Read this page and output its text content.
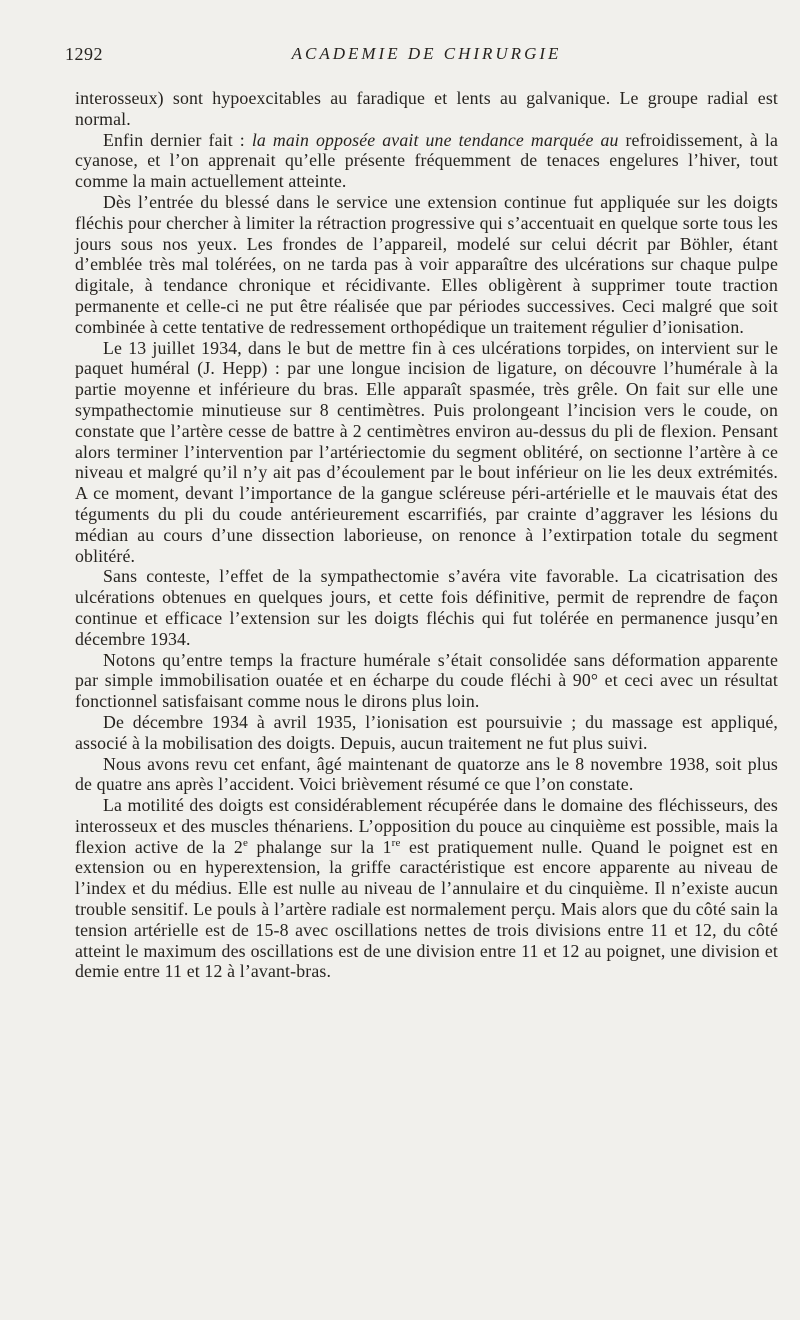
1292	ACADEMIE DE CHIRURGIE

interosseux) sont hypoexcitables au faradique et lents au galvanique. Le groupe radial est normal.

Enfin dernier fait : la main opposée avait une tendance marquée au refroidissement, à la cyanose, et l’on apprenait qu’elle présente fréquemment de tenaces engelures l’hiver, tout comme la main actuellement atteinte.

Dès l’entrée du blessé dans le service une extension continue fut appliquée sur les doigts fléchis pour chercher à limiter la rétraction progressive qui s’accentuait en quelque sorte tous les jours sous nos yeux. Les frondes de l’appareil, modelé sur celui décrit par Böhler, étant d’emblée très mal tolérées, on ne tarda pas à voir apparaître des ulcérations sur chaque pulpe digitale, à tendance chronique et récidivante. Elles obligèrent à supprimer toute traction permanente et celle-ci ne put être réalisée que par périodes successives. Ceci malgré que soit combinée à cette tentative de redressement orthopédique un traitement régulier d’ionisation.

Le 13 juillet 1934, dans le but de mettre fin à ces ulcérations torpides, on intervient sur le paquet huméral (J. Hepp) : par une longue incision de ligature, on découvre l’humérale à la partie moyenne et inférieure du bras. Elle apparaît spasmée, très grêle. On fait sur elle une sympathectomie minutieuse sur 8 centimètres. Puis prolongeant l’incision vers le coude, on constate que l’artère cesse de battre à 2 centimètres environ au-dessus du pli de flexion. Pensant alors terminer l’intervention par l’artériectomie du segment oblitéré, on sectionne l’artère à ce niveau et malgré qu’il n’y ait pas d’écoulement par le bout inférieur on lie les deux extrémités. A ce moment, devant l’importance de la gangue scléreuse péri-artérielle et le mauvais état des téguments du pli du coude antérieurement escarrifiés, par crainte d’aggraver les lésions du médian au cours d’une dissection laborieuse, on renonce à l’extirpation totale du segment oblitéré.

Sans conteste, l’effet de la sympathectomie s’avéra vite favorable. La cicatrisation des ulcérations obtenues en quelques jours, et cette fois définitive, permit de reprendre de façon continue et efficace l’extension sur les doigts fléchis qui fut tolérée en permanence jusqu’en décembre 1934.

Notons qu’entre temps la fracture humérale s’était consolidée sans déformation apparente par simple immobilisation ouatée et en écharpe du coude fléchi à 90° et ceci avec un résultat fonctionnel satisfaisant comme nous le dirons plus loin.

De décembre 1934 à avril 1935, l’ionisation est poursuivie ; du massage est appliqué, associé à la mobilisation des doigts. Depuis, aucun traitement ne fut plus suivi.

Nous avons revu cet enfant, âgé maintenant de quatorze ans le 8 novembre 1938, soit plus de quatre ans après l’accident. Voici brièvement résumé ce que l’on constate.

La motilité des doigts est considérablement récupérée dans le domaine des fléchisseurs, des interosseux et des muscles thénariens. L’opposition du pouce au cinquième est possible, mais la flexion active de la 2e phalange sur la 1re est pratiquement nulle. Quand le poignet est en extension ou en hyperextension, la griffe caractéristique est encore apparente au niveau de l’index et du médius. Elle est nulle au niveau de l’annulaire et du cinquième. Il n’existe aucun trouble sensitif. Le pouls à l’artère radiale est normalement perçu. Mais alors que du côté sain la tension artérielle est de 15-8 avec oscillations nettes de trois divisions entre 11 et 12, du côté atteint le maximum des oscillations est de une division entre 11 et 12 au poignet, une division et demie entre 11 et 12 à l’avant-bras.
